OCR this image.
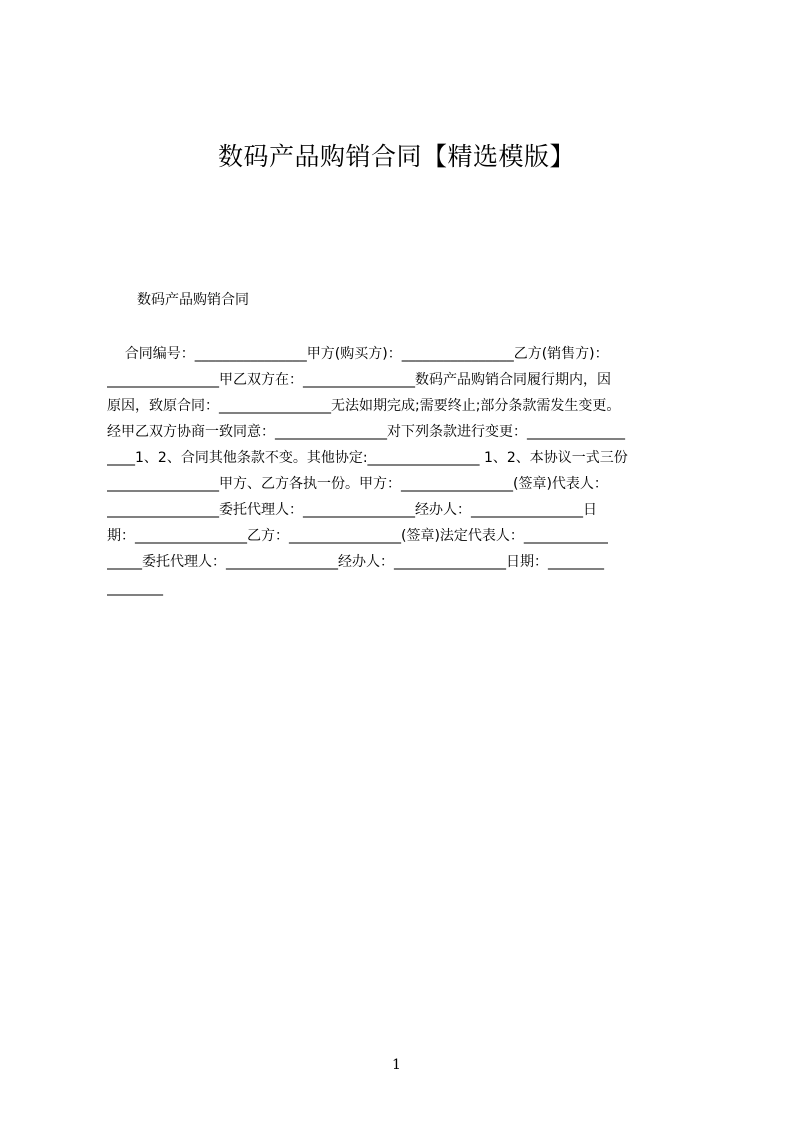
数码产品购销合同【精选模版】
数码产品购销合同
合同编号：________________甲方(购买方)：________________乙方(销售方)：
________________甲乙双方在：________________数码产品购销合同履行期内，因
原因，致原合同：________________无法如期完成;需要终止;部分条款需发生变更。
经甲乙双方协商一致同意：________________对下列条款进行变更：______________
____1、2、合同其他条款不变。其他协定:________________ 1、2、本协议一式三份
________________甲方、乙方各执一份。甲方：________________(签章)代表人：
________________委托代理人：________________经办人：________________日
期：________________乙方：________________(签章)法定代表人：____________
_____委托代理人：________________经办人：________________日期：________
________
1
